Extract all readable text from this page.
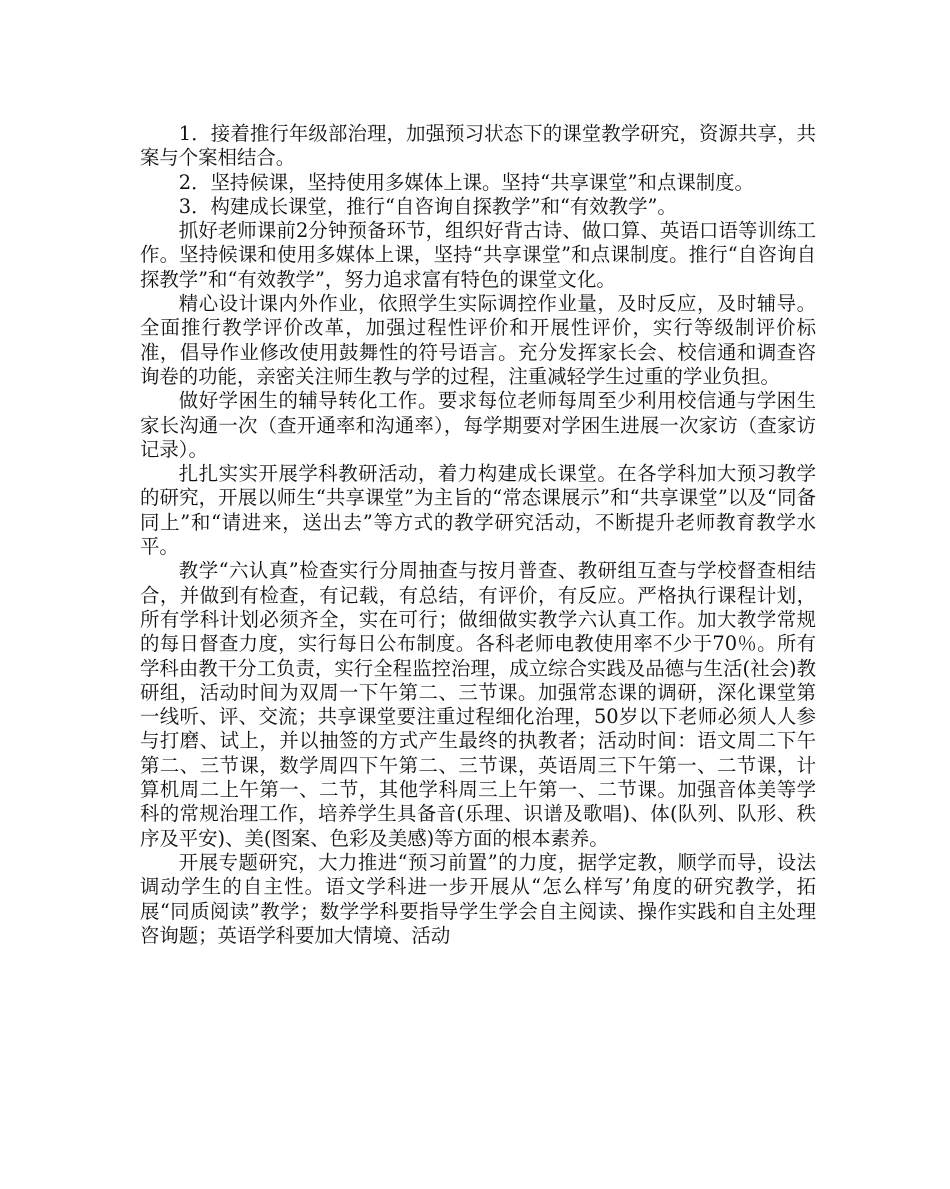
1．接着推行年级部治理，加强预习状态下的课堂教学研究，资源共享，共案与个案相结合。

2．坚持候课，坚持使用多媒体上课。坚持“共享课堂”和点课制度。

3．构建成长课堂，推行“自咨询自探教学”和“有效教学”。

抓好老师课前2分钟预备环节，组织好背古诗、做口算、英语口语等训练工作。坚持候课和使用多媒体上课，坚持“共享课堂”和点课制度。推行“自咨询自探教学”和“有效教学”，努力追求富有特色的课堂文化。

精心设计课内外作业，依照学生实际调控作业量，及时反应，及时辅导。全面推行教学评价改革，加强过程性评价和开展性评价，实行等级制评价标准，倡导作业修改使用鼓舞性的符号语言。充分发挥家长会、校信通和调查咨询卷的功能，亲密关注师生教与学的过程，注重减轻学生过重的学业负担。

做好学困生的辅导转化工作。要求每位老师每周至少利用校信通与学困生家长沟通一次（查开通率和沟通率），每学期要对学困生进展一次家访（查家访记录）。

扎扎实实开展学科教研活动，着力构建成长课堂。在各学科加大预习教学的研究，开展以师生“共享课堂”为主旨的“常态课展示”和“共享课堂”以及“同备同上”和“请进来，送出去”等方式的教学研究活动，不断提升老师教育教学水平。

教学“六认真”检查实行分周抽查与按月普查、教研组互查与学校督查相结合，并做到有检查，有记载，有总结，有评价，有反应。严格执行课程计划，所有学科计划必须齐全，实在可行；做细做实教学六认真工作。加大教学常规的每日督查力度，实行每日公布制度。各科老师电教使用率不少于70％。所有学科由教干分工负责，实行全程监控治理，成立综合实践及品德与生活(社会)教研组，活动时间为双周一下午第二、三节课。加强常态课的调研，深化课堂第一线听、评、交流；共享课堂要注重过程细化治理，50岁以下老师必须人人参与打磨、试上，并以抽签的方式产生最终的执教者；活动时间：语文周二下午第二、三节课，数学周四下午第二、三节课，英语周三下午第一、二节课，计算机周二上午第一、二节，其他学科周三上午第一、二节课。加强音体美等学科的常规治理工作，培养学生具备音(乐理、识谱及歌唱)、体(队列、队形、秩序及平安)、美(图案、色彩及美感)等方面的根本素养。

开展专题研究，大力推进“预习前置”的力度，据学定教，顺学而导，设法调动学生的自主性。语文学科进一步开展从“怎么样写’角度的研究教学，拓展“同质阅读”教学；数学学科要指导学生学会自主阅读、操作实践和自主处理咨询题；英语学科要加大情境、活动
